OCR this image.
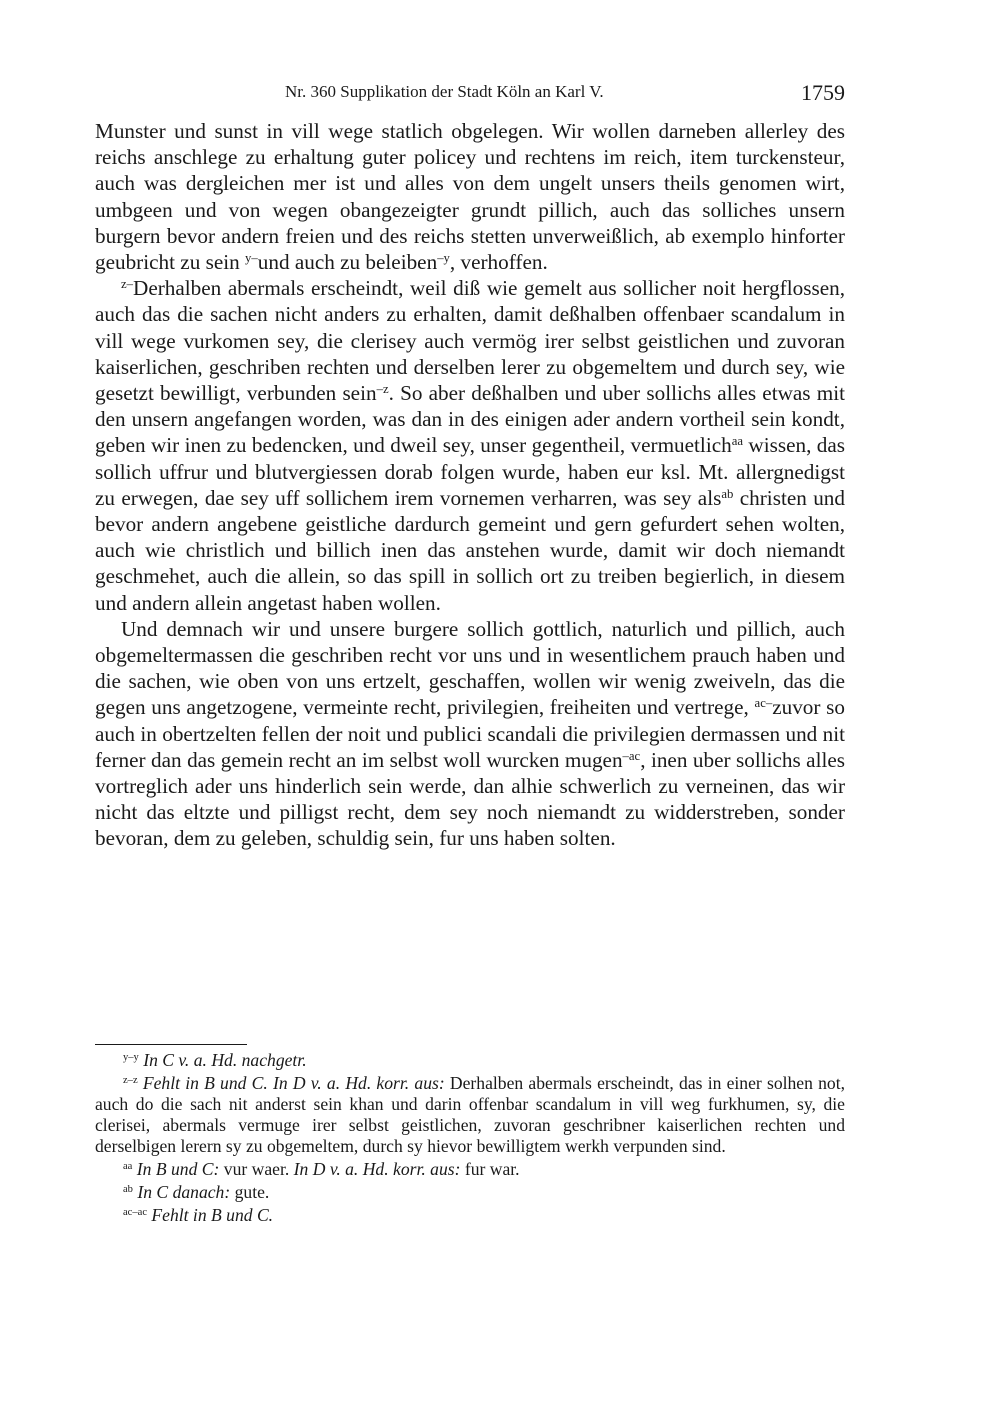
Nr. 360 Supplikation der Stadt Köln an Karl V.	1759

Munster und sunst in vill wege statlich obgelegen. Wir wollen darneben allerley des reichs anschlege zu erhaltung guter policey und rechtens im reich, item turckensteur, auch was dergleichen mer ist und alles von dem ungelt unsers theils genomen wirt, umbgeen und von wegen obangezeigter grundt pillich, auch das solliches unsern burgern bevor andern freien und des reichs stetten unverweißlich, ab exemplo hinforter geubricht zu sein $^{y-}$und auch zu beleiben$^{-y}$, verhoffen.

$^{z-}$Derhalben abermals erscheindt, weil diß wie gemelt aus sollicher noit hergflossen, auch das die sachen nicht anders zu erhalten, damit deßhalben offenbaer scandalum in vill wege vurkomen sey, die clerisey auch vermög irer selbst geistlichen und zuvoran kaiserlichen, geschriben rechten und derselben lerer zu obgemeltem und durch sey, wie gesetzt bewilligt, verbunden sein$^{-z}$. So aber deßhalben und uber sollichs alles etwas mit den unsern angefangen worden, was dan in des einigen ader andern vortheil sein kondt, geben wir inen zu bedencken, und dweil sey, unser gegentheil, vermuetlich$^{aa}$ wissen, das sollich uffrur und blutvergiessen dorab folgen wurde, haben eur ksl. Mt. allergnedigst zu erwegen, dae sey uff sollichem irem vornemen verharren, was sey als$^{ab}$ christen und bevor andern angebene geistliche dardurch gemeint und gern gefurdert sehen wolten, auch wie christlich und billich inen das anstehen wurde, damit wir doch niemandt geschmehet, auch die allein, so das spill in sollich ort zu treiben begierlich, in diesem und andern allein angetast haben wollen.

Und demnach wir und unsere burgere sollich gottlich, naturlich und pillich, auch obgemeltermassen die geschriben recht vor uns und in wesentlichem prauch haben und die sachen, wie oben von uns ertzelt, geschaffen, wollen wir wenig zweiveln, das die gegen uns angetzogene, vermeinte recht, privilegien, freiheiten und vertrege, $^{ac-}$zuvor so auch in obertzelten fellen der noit und publici scandali die privilegien dermassen und nit ferner dan das gemein recht an im selbst woll wurcken mugen$^{-ac}$, inen uber sollichs alles vortreglich ader uns hinderlich sein werde, dan alhie schwerlich zu verneinen, das wir nicht das eltzte und pilligst recht, dem sey noch niemandt zu widderstreben, sonder bevoran, dem zu geleben, schuldig sein, fur uns haben solten.

$^{y-y}$ In C v. a. Hd. nachgetr.

$^{z-z}$ Fehlt in B und C. In D v. a. Hd. korr. aus: Derhalben abermals erscheindt, das in einer solhen not, auch do die sach nit anderst sein khan und darin offenbar scandalum in vill weg furkhumen, sy, die clerisei, abermals vermuge irer selbst geistlichen, zuvoran geschribner kaiserlichen rechten und derselbigen lerern sy zu obgemeltem, durch sy hievor bewilligtem werkh verpunden sind.

$^{aa}$ In B und C: vur waer. In D v. a. Hd. korr. aus: fur war.

$^{ab}$ In C danach: gute.

$^{ac-ac}$ Fehlt in B und C.
